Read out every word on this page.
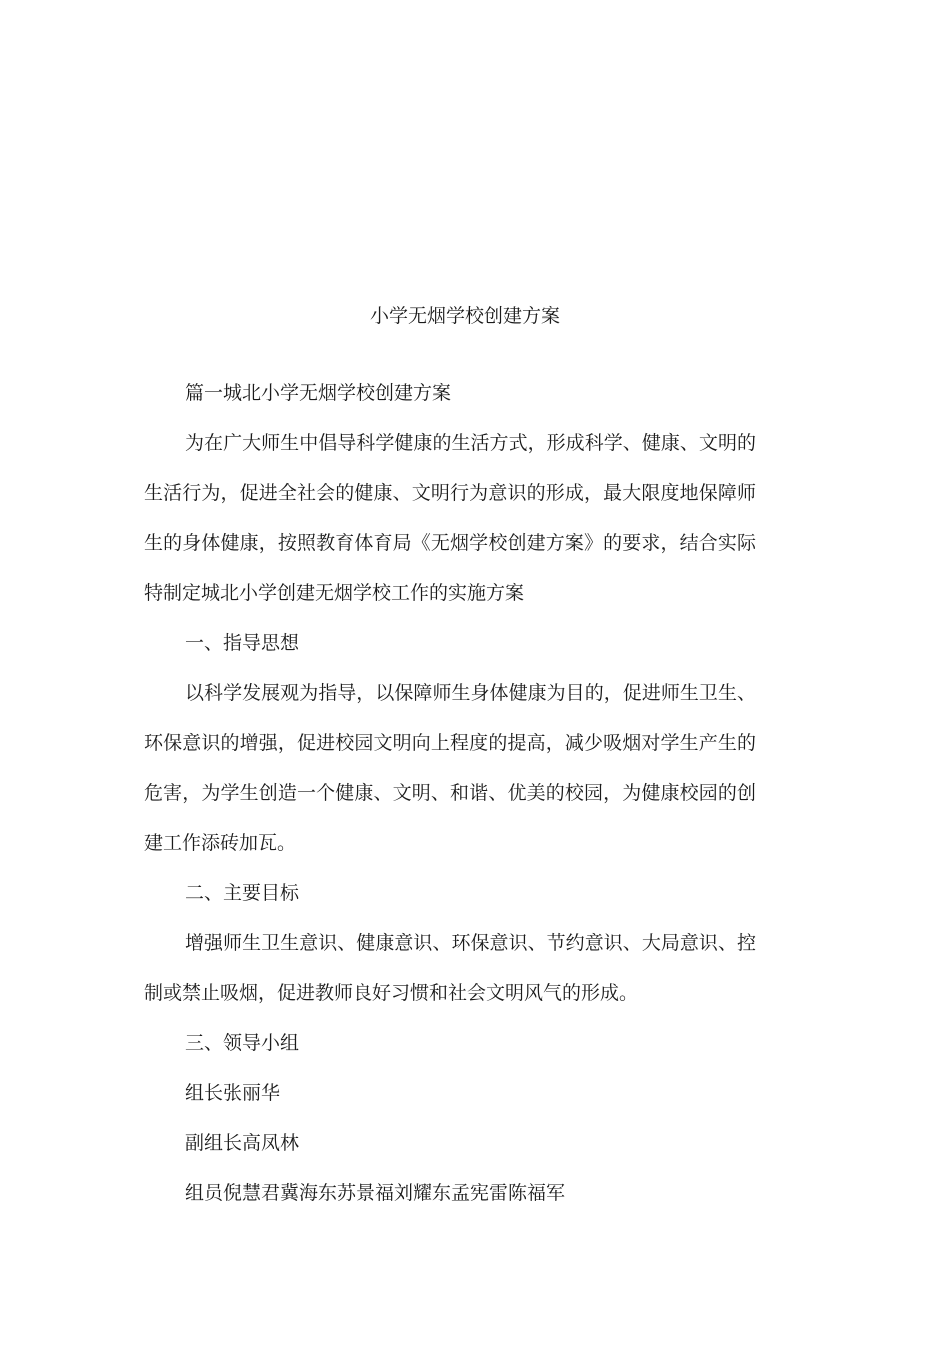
小学无烟学校创建方案

篇一城北小学无烟学校创建方案

为在广大师生中倡导科学健康的生活方式，形成科学、健康、文明的生活行为，促进全社会的健康、文明行为意识的形成，最大限度地保障师生的身体健康，按照教育体育局《无烟学校创建方案》的要求，结合实际特制定城北小学创建无烟学校工作的实施方案

一、指导思想

以科学发展观为指导，以保障师生身体健康为目的，促进师生卫生、环保意识的增强，促进校园文明向上程度的提高，减少吸烟对学生产生的危害，为学生创造一个健康、文明、和谐、优美的校园，为健康校园的创建工作添砖加瓦。

二、主要目标

增强师生卫生意识、健康意识、环保意识、节约意识、大局意识、控制或禁止吸烟，促进教师良好习惯和社会文明风气的形成。

三、领导小组

组长张丽华

副组长高凤林

组员倪慧君冀海东苏景福刘耀东孟宪雷陈福军
